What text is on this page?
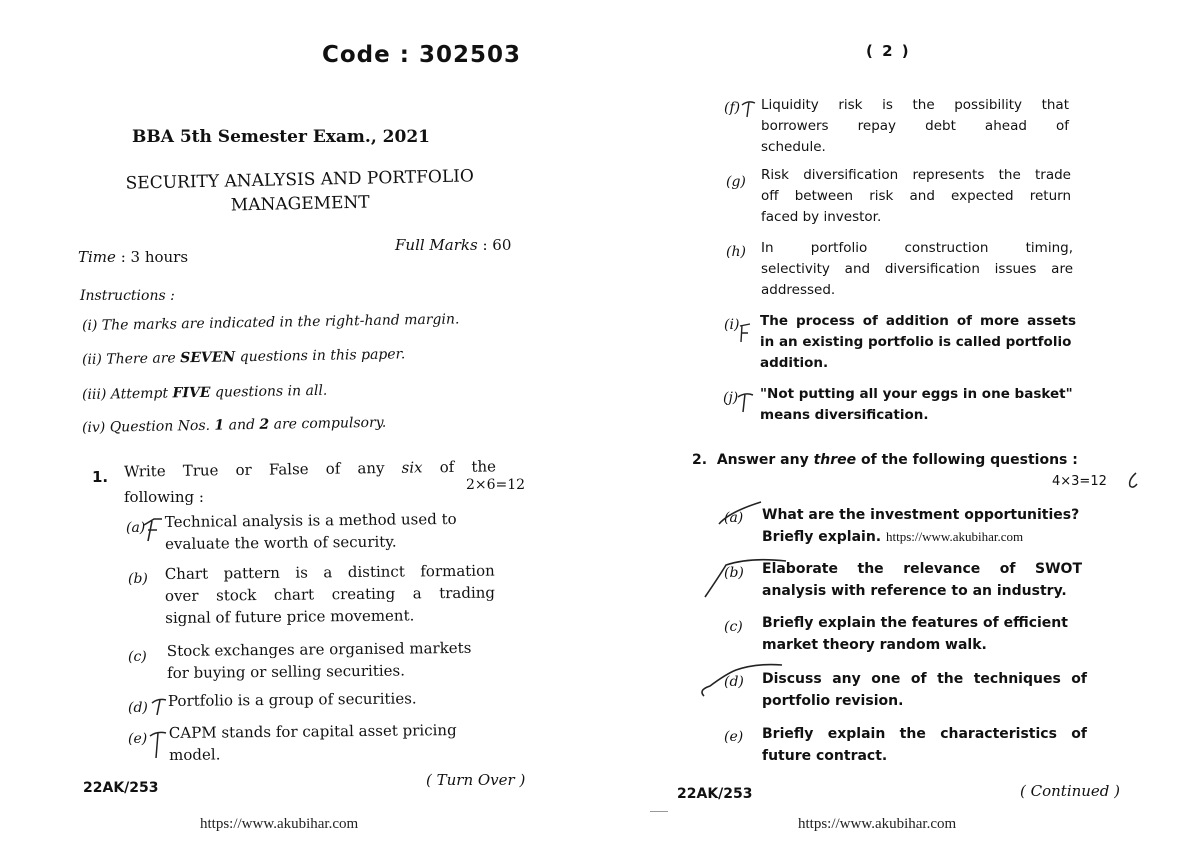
Code : 302503
BBA 5th Semester Exam., 2021
SECURITY ANALYSIS AND PORTFOLIO
MANAGEMENT
Time : 3 hours
Full Marks : 60
Instructions :
(i) The marks are indicated in the right-hand margin.
(ii) There are SEVEN questions in this paper.
(iii) Attempt FIVE questions in all.
(iv) Question Nos. 1 and 2 are compulsory.
1. Write True or False of any six of the
following :
2×6=12
(a) Technical analysis is a method used to
evaluate the worth of security.
(b) Chart pattern is a distinct formation
over stock chart creating a trading
signal of future price movement.
(c) Stock exchanges are organised markets
for buying or selling securities.
(d) Portfolio is a group of securities.
(e) CAPM stands for capital asset pricing
model.
22AK/253	( Turn Over )
https://www.akubihar.com
( 2 )
(f) Liquidity risk is the possibility that
borrowers repay debt ahead of
schedule.
(g) Risk diversification represents the trade
off between risk and expected return
faced by investor.
(h) In portfolio construction timing,
selectivity and diversification issues are
addressed.
(i) The process of addition of more assets
in an existing portfolio is called portfolio
addition.
(j) "Not putting all your eggs in one basket"
means diversification.
2. Answer any three of the following questions :
4×3=12
(a) What are the investment opportunities?
Briefly explain. https://www.akubihar.com
(b) Elaborate the relevance of SWOT
analysis with reference to an industry.
(c) Briefly explain the features of efficient
market theory random walk.
(d) Discuss any one of the techniques of
portfolio revision.
(e) Briefly explain the characteristics of
future contract.
22AK/253	( Continued )
https://www.akubihar.com
